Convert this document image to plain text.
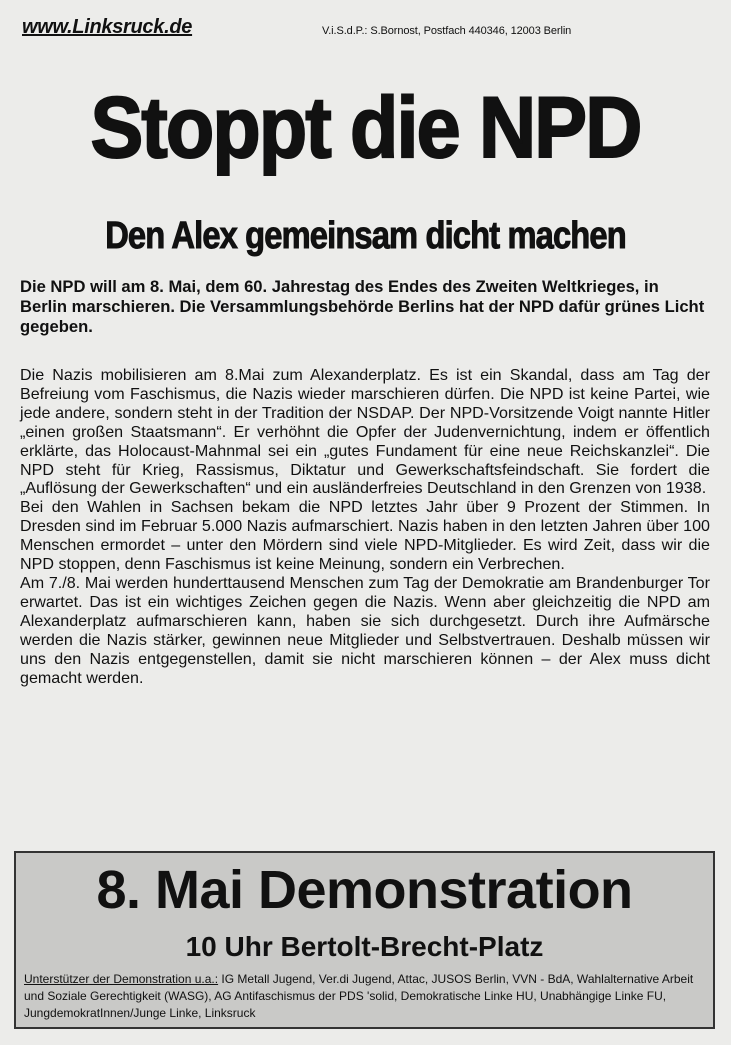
www.Linksruck.de	V.i.S.d.P.: S.Bornost, Postfach 440346, 12003 Berlin
Stoppt die NPD
Den Alex gemeinsam dicht machen

Die NPD will am 8. Mai, dem 60. Jahrestag des Endes des Zweiten Weltkrieges, in Berlin marschieren. Die Versammlungsbehörde Berlins hat der NPD dafür grünes Licht gegeben.

Die Nazis mobilisieren am 8.Mai zum Alexanderplatz. Es ist ein Skandal, dass am Tag der Befreiung vom Faschismus, die Nazis wieder marschieren dürfen. Die NPD ist keine Partei, wie jede andere, sondern steht in der Tradition der NSDAP. Der NPD-Vorsitzende Voigt nannte Hitler „einen großen Staatsmann“. Er verhöhnt die Opfer der Judenvernichtung, indem er öffentlich erklärte, das Holocaust-Mahnmal sei ein „gutes Fundament für eine neue Reichskanzlei“. Die NPD steht für Krieg, Rassismus, Diktatur und Gewerkschaftsfeindschaft. Sie fordert die „Auflösung der Gewerkschaften“ und ein ausländerfreies Deutschland in den Grenzen von 1938.

Bei den Wahlen in Sachsen bekam die NPD letztes Jahr über 9 Prozent der Stimmen. In Dresden sind im Februar 5.000 Nazis aufmarschiert. Nazis haben in den letzten Jahren über 100 Menschen ermordet – unter den Mördern sind viele NPD-Mitglieder. Es wird Zeit, dass wir die NPD stoppen, denn Faschismus ist keine Meinung, sondern ein Verbrechen.

Am 7./8. Mai werden hunderttausend Menschen zum Tag der Demokratie am Brandenburger Tor erwartet. Das ist ein wichtiges Zeichen gegen die Nazis. Wenn aber gleichzeitig die NPD am Alexanderplatz aufmarschieren kann, haben sie sich durchgesetzt. Durch ihre Aufmärsche werden die Nazis stärker, gewinnen neue Mitglieder und Selbstvertrauen. Deshalb müssen wir uns den Nazis entgegenstellen, damit sie nicht marschieren können – der Alex muss dicht gemacht werden.

8. Mai Demonstration
10 Uhr Bertolt-Brecht-Platz

Unterstützer der Demonstration u.a.: IG Metall Jugend, Ver.di Jugend, Attac, JUSOS Berlin, VVN - BdA, Wahlalternative Arbeit und Soziale Gerechtigkeit (WASG), AG Antifaschismus der PDS 'solid, Demokratische Linke HU, Unabhängige Linke FU, JungdemokratInnen/Junge Linke, Linksruck
